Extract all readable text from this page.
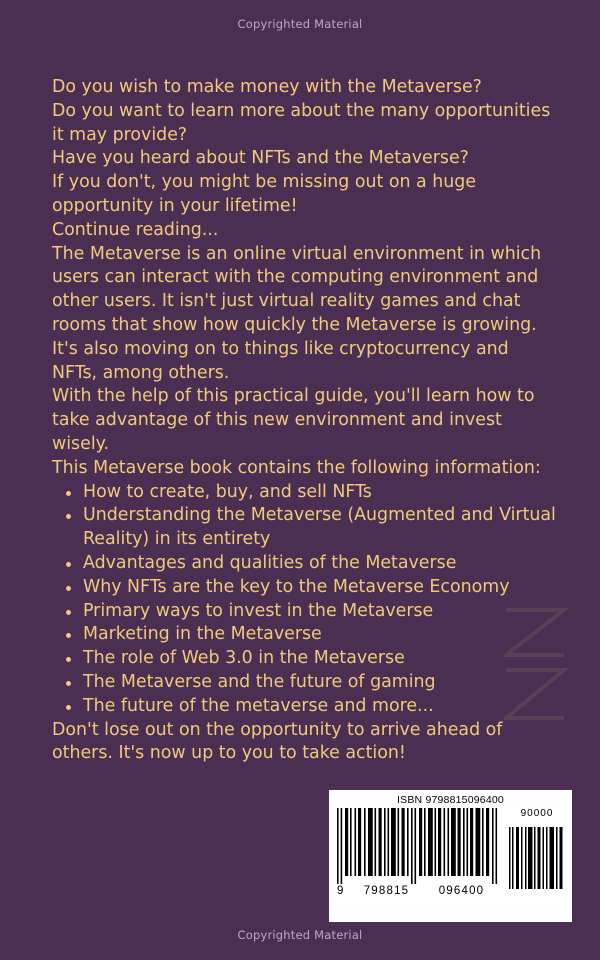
Copyrighted Material

Do you wish to make money with the Metaverse?

Do you want to learn more about the many opportunities it may provide?

Have you heard about NFTs and the Metaverse?

If you don't, you might be missing out on a huge opportunity in your lifetime!

Continue reading...

The Metaverse is an online virtual environment in which users can interact with the computing environment and other users. It isn't just virtual reality games and chat rooms that show how quickly the Metaverse is growing. It's also moving on to things like cryptocurrency and NFTs, among others.

With the help of this practical guide, you'll learn how to take advantage of this new environment and invest wisely.

This Metaverse book contains the following information:

How to create, buy, and sell NFTs
Understanding the Metaverse (Augmented and Virtual Reality) in its entirety
Advantages and qualities of the Metaverse
Why NFTs are the key to the Metaverse Economy
Primary ways to invest in the Metaverse
Marketing in the Metaverse
The role of Web 3.0 in the Metaverse
The Metaverse and the future of gaming
The future of the metaverse and more...

Don't lose out on the opportunity to arrive ahead of others. It's now up to you to take action!

ISBN 9798815096400
9	798815	096400
90000
Copyrighted Material
